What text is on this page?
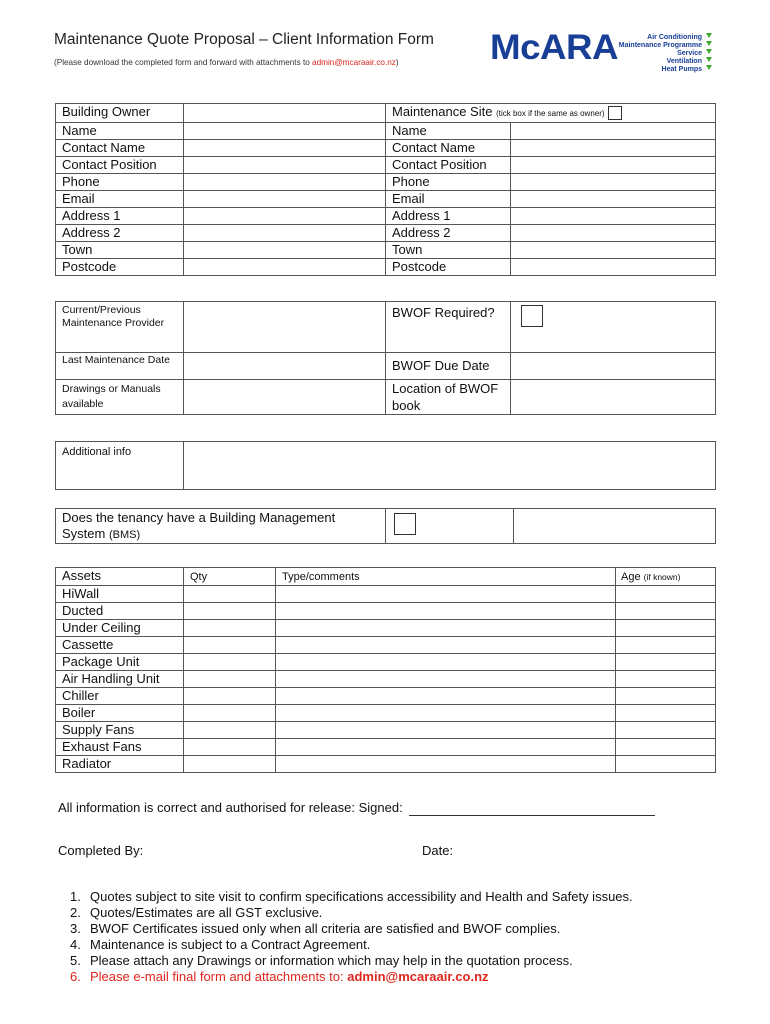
Maintenance Quote Proposal – Client Information Form
(Please download the completed form and forward with attachments to admin@mcaraair.co.nz)	McARA	Air Conditioning
Maintenance Programme
Service
Ventilation
Heat Pumps
Building Owner		Maintenance Site (tick box if the same as owner)	
Name		Name	
Contact Name		Contact Name	
Contact Position		Contact Position	
Phone		Phone	
Email		Email	
Address 1		Address 1	
Address 2		Address 2	
Town		Town	
Postcode		Postcode	
Current/Previous Maintenance Provider		BWOF Required?	
Last Maintenance Date		BWOF Due Date	
Drawings or Manuals available		Location of BWOF book	
Additional info	
Does the tenancy have a Building Management
System (BMS)

Assets	Qty	Type/comments	Age (if known)
HiWall			
Ducted			
Under Ceiling			
Cassette			
Package Unit			
Air Handling Unit			
Chiller			
Boiler			
Supply Fans			
Exhaust Fans			
Radiator			
All information is correct and authorised for release: Signed:
Completed By:	Date:
1. Quotes subject to site visit to confirm specifications accessibility and Health and Safety issues.
2. Quotes/Estimates are all GST exclusive.
3. BWOF Certificates issued only when all criteria are satisfied and BWOF complies.
4. Maintenance is subject to a Contract Agreement.
5. Please attach any Drawings or information which may help in the quotation process.
6. Please e-mail final form and attachments to: admin@mcaraair.co.nz
